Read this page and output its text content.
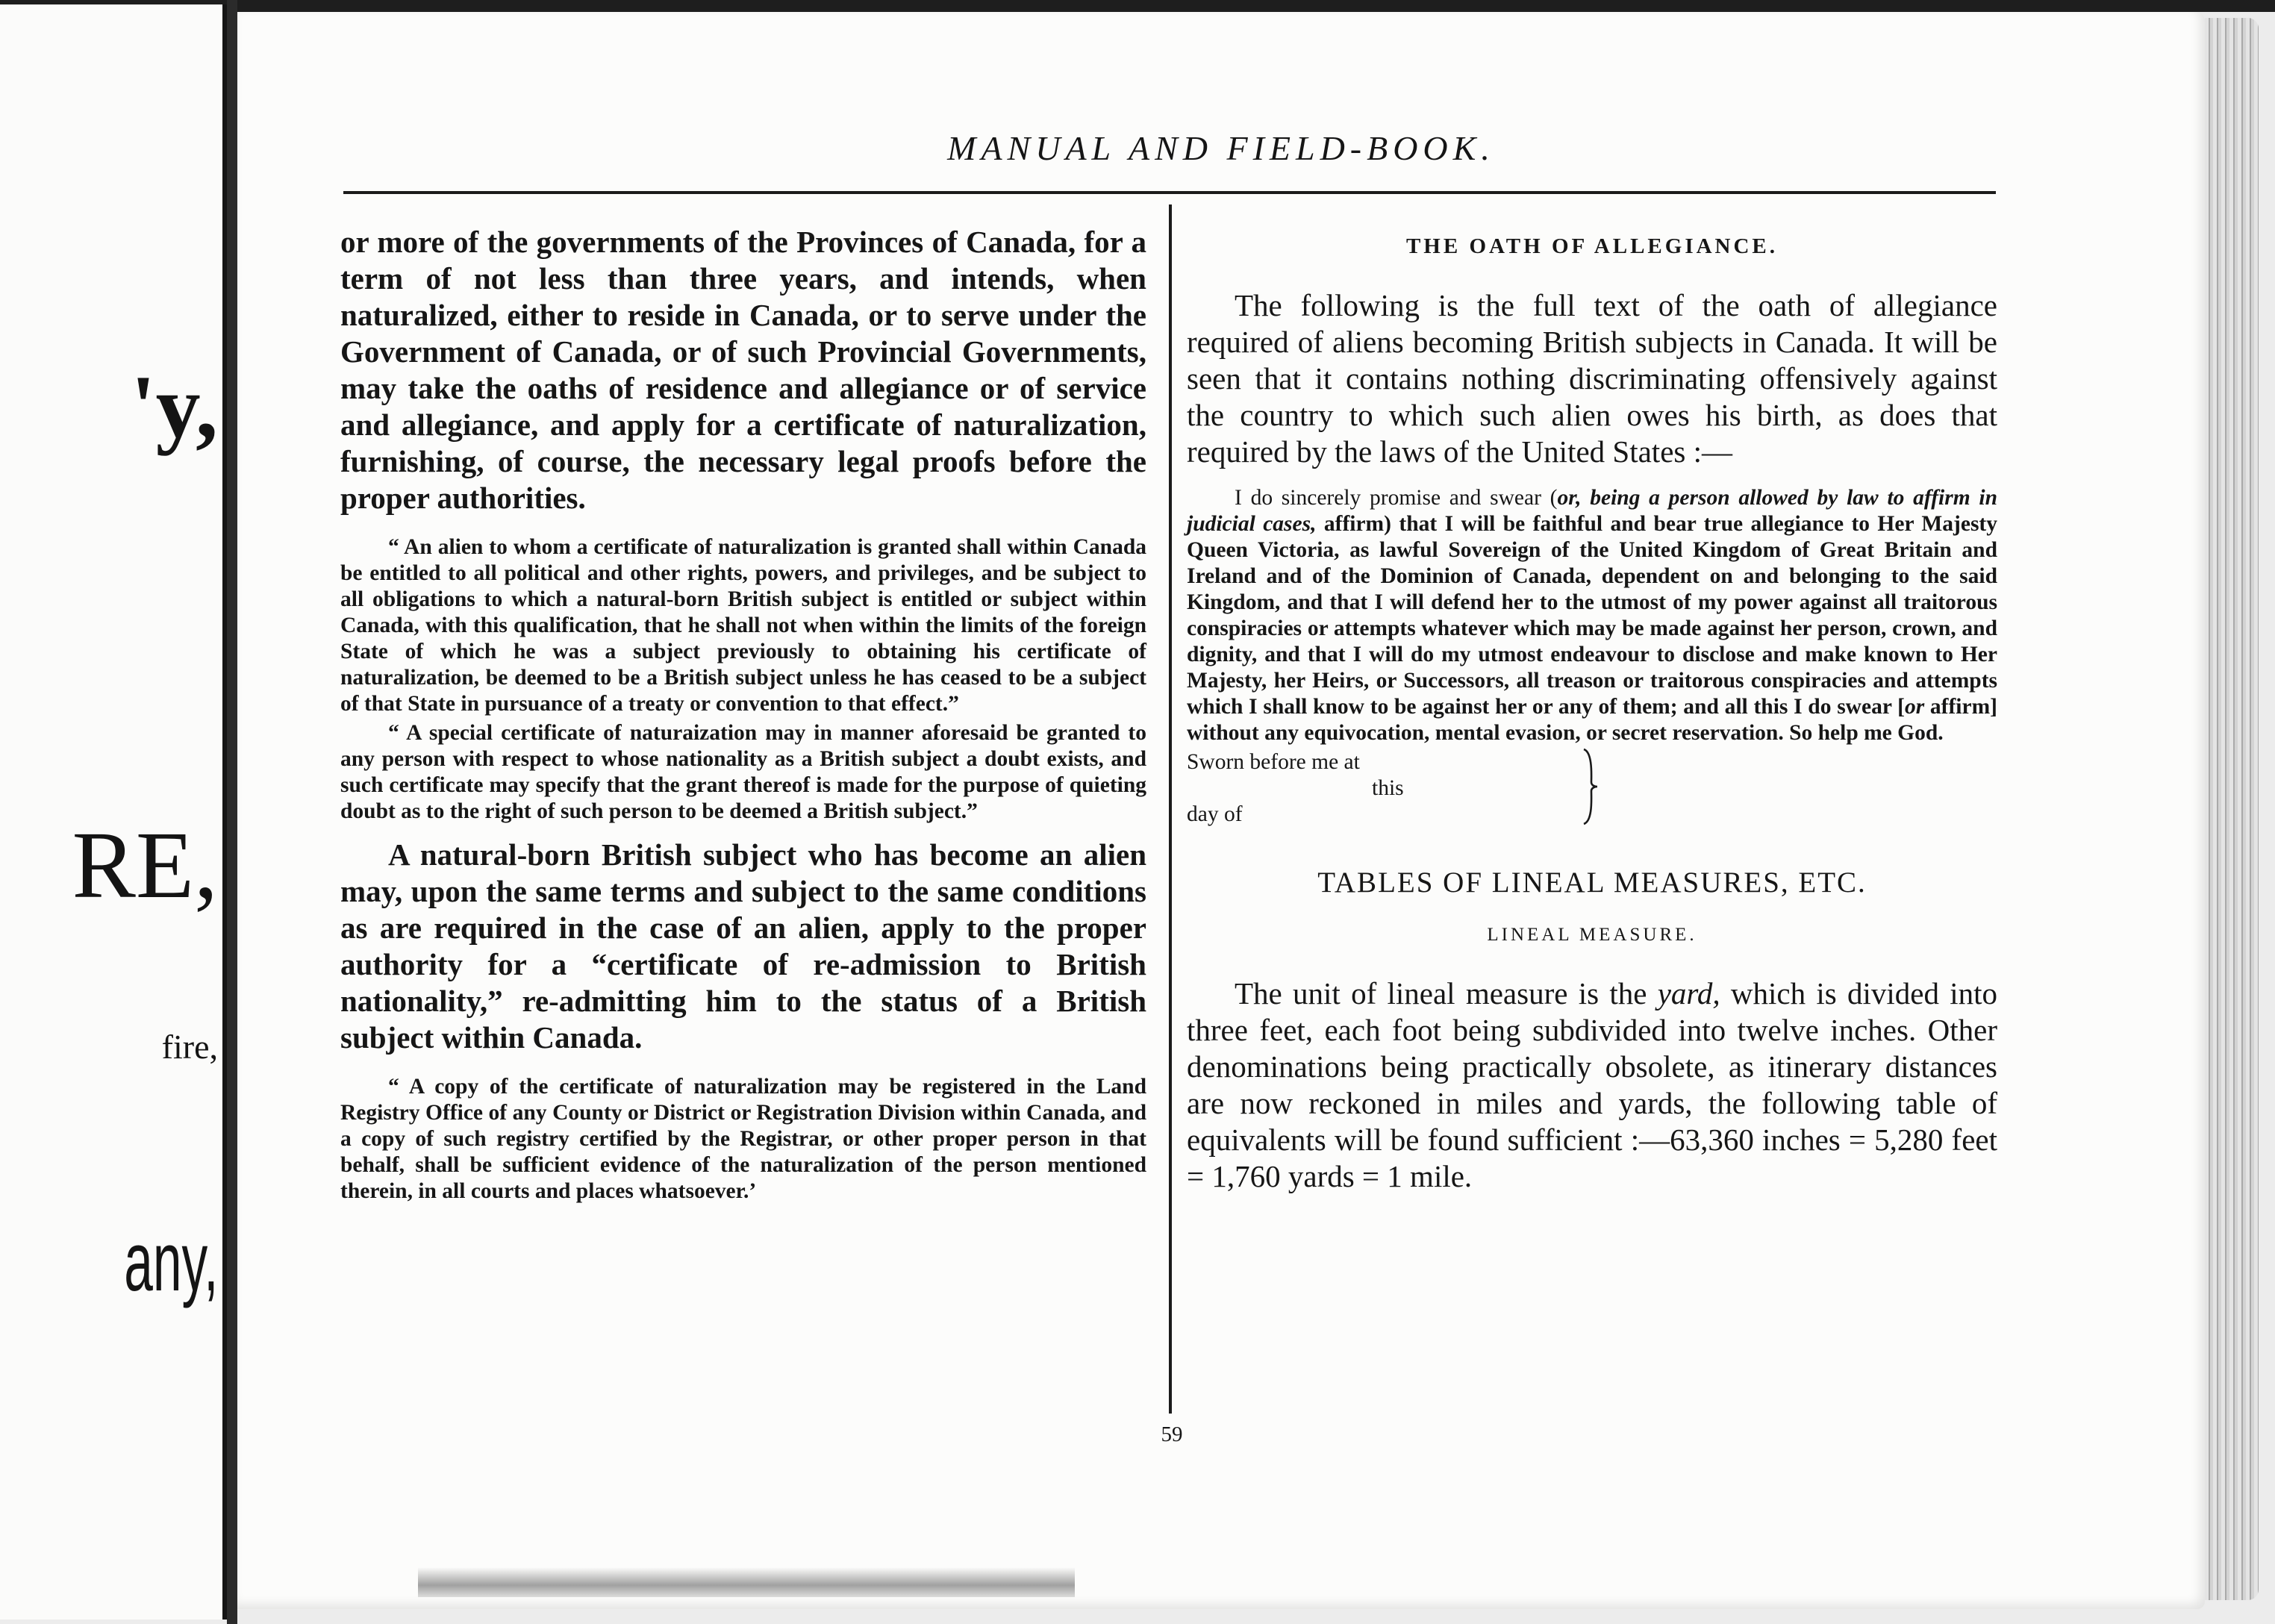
'y,
RE,
fire,
any,
MANUAL AND FIELD-BOOK.

or more of the governments of the Provinces of Canada, for a term of not less than three years, and intends, when naturalized, either to reside in Canada, or to serve under the Government of Canada, or of such Provincial Governments, may take the oaths of residence and allegiance or of service and allegiance, and apply for a certificate of naturalization, furnishing, of course, the necessary legal proofs before the proper authorities.

“ An alien to whom a certificate of naturalization is granted shall within Canada be entitled to all political and other rights, powers, and privileges, and be subject to all obligations to which a natural-born British subject is entitled or subject within Canada, with this qualification, that he shall not when within the limits of the foreign State of which he was a subject previously to obtaining his certificate of naturalization, be deemed to be a British subject unless he has ceased to be a subject of that State in pursuance of a treaty or convention to that effect.”

“ A special certificate of naturaization may in manner aforesaid be granted to any person with respect to whose nationality as a British subject a doubt exists, and such certificate may specify that the grant thereof is made for the purpose of quieting doubt as to the right of such person to be deemed a British subject.”

A natural-born British subject who has become an alien may, upon the same terms and subject to the same conditions as are required in the case of an alien, apply to the proper authority for a “certificate of re-admission to British nationality,” re-admitting him to the status of a British subject within Canada.

“ A copy of the certificate of naturalization may be registered in the Land Registry Office of any County or District or Registration Division within Canada, and a copy of such registry certified by the Registrar, or other proper person in that behalf, shall be sufficient evidence of the naturalization of the person mentioned therein, in all courts and places whatsoever.’

THE OATH OF ALLEGIANCE.

The following is the full text of the oath of allegiance required of aliens becoming British subjects in Canada. It will be seen that it contains nothing discriminating offensively against the country to which such alien owes his birth, as does that required by the laws of the United States :—

I do sincerely promise and swear (or, being a person allowed by law to affirm in judicial cases, affirm) that I will be faithful and bear true allegiance to Her Majesty Queen Victoria, as lawful Sovereign of the United Kingdom of Great Britain and Ireland and of the Dominion of Canada, dependent on and belonging to the said Kingdom, and that I will defend her to the utmost of my power against all traitorous conspiracies or attempts whatever which may be made against her person, crown, and dignity, and that I will do my utmost endeavour to disclose and make known to Her Majesty, her Heirs, or Successors, all treason or traitorous conspiracies and attempts which I shall know to be against her or any of them; and all this I do swear [or affirm] without any equivocation, mental evasion, or secret reservation. So help me God.

Sworn before me at
this
day of

TABLES OF LINEAL MEASURES, ETC.

LINEAL MEASURE.

The unit of lineal measure is the yard, which is divided into three feet, each foot being subdivided into twelve inches. Other denominations being practically obsolete, as itinerary distances are now reckoned in miles and yards, the following table of equivalents will be found sufficient :—63,360 inches = 5,280 feet = 1,760 yards = 1 mile.

59
